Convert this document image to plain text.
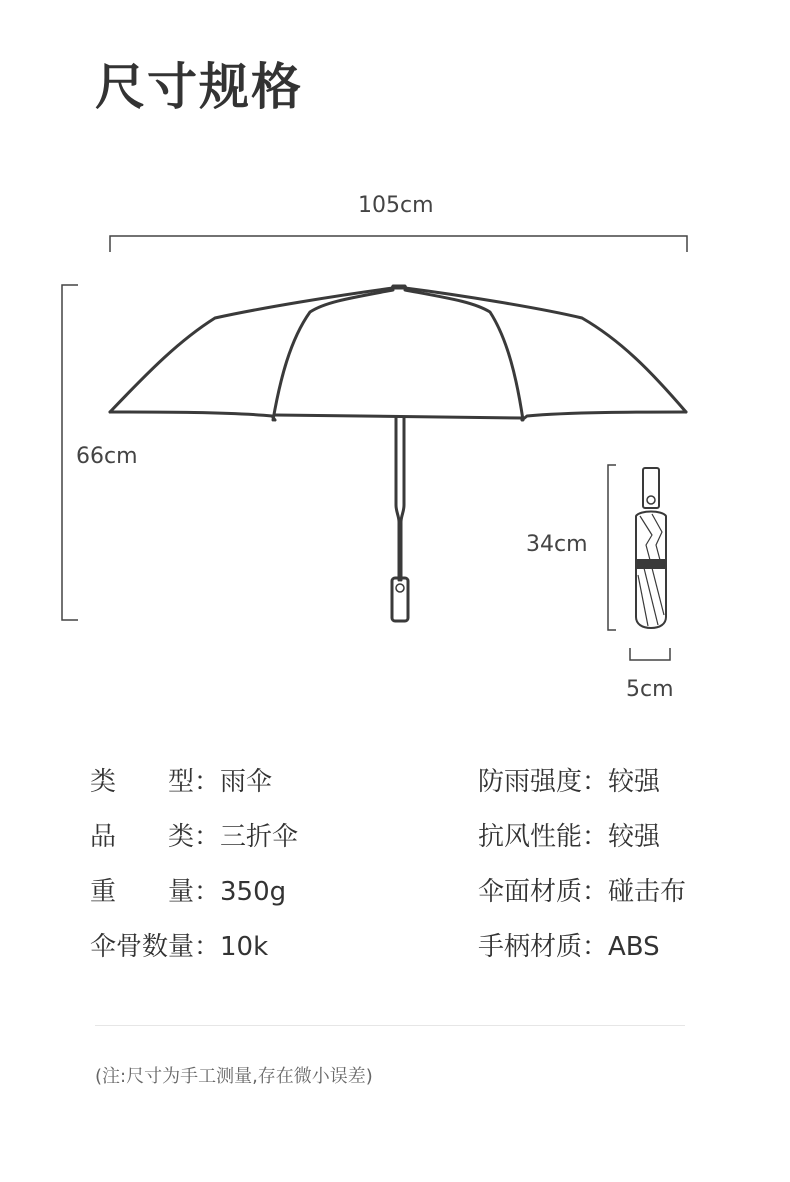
尺寸规格
105cm
66cm
34cm
5cm
类　　型：雨伞
品　　类：三折伞
重　　量：350g
伞骨数量：10k
防雨强度：较强
抗风性能：较强
伞面材质：碰击布
手柄材质：ABS
(注:尺寸为手工测量,存在微小误差)
